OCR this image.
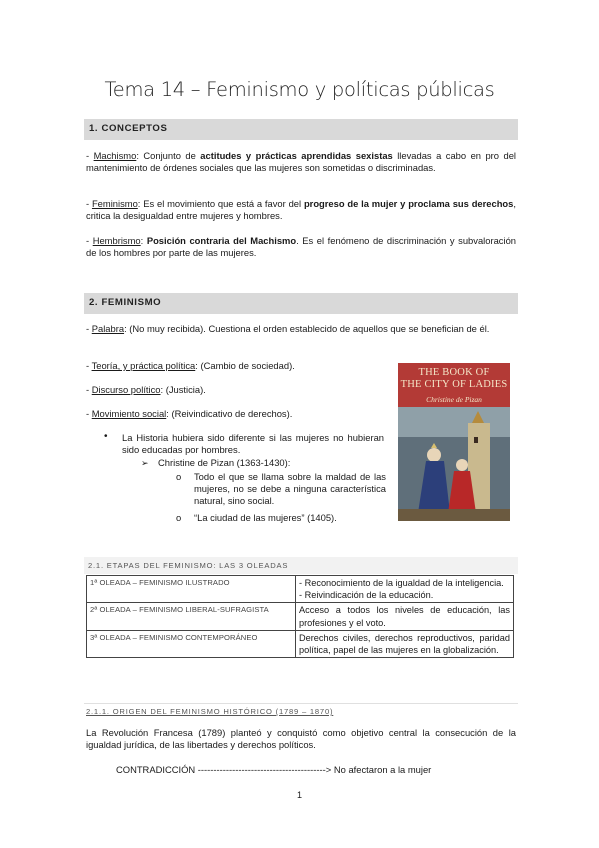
Tema 14 – Feminismo y políticas públicas
1. CONCEPTOS
- Machismo: Conjunto de actitudes y prácticas aprendidas sexistas llevadas a cabo en pro del mantenimiento de órdenes sociales que las mujeres son sometidas o discriminadas.
- Feminismo: Es el movimiento que está a favor del progreso de la mujer y proclama sus derechos, critica la desigualdad entre mujeres y hombres.
- Hembrismo: Posición contraria del Machismo. Es el fenómeno de discriminación y subvaloración de los hombres por parte de las mujeres.
2. FEMINISMO
- Palabra: (No muy recibida). Cuestiona el orden establecido de aquellos que se benefician de él.
- Teoría, y práctica política: (Cambio de sociedad).
- Discurso político: (Justicia).
- Movimiento social: (Reivindicativo de derechos).
• La Historia hubiera sido diferente si las mujeres no hubieran sido educadas por hombres.
➢ Christine de Pizan (1363-1430):
o Todo el que se llama sobre la maldad de las mujeres, no se debe a ninguna característica natural, sino social.
o “La ciudad de las mujeres” (1405).
THE BOOK OF
THE CITY OF LADIES
Christine de Pizan
2.1. ETAPAS DEL FEMINISMO: LAS 3 OLEADAS
1ª OLEADA – FEMINISMO ILUSTRADO	- Reconocimiento de la igualdad de la inteligencia.
- Reivindicación de la educación.

2ª OLEADA – FEMINISMO LIBERAL-SUFRAGISTA	Acceso a todos los niveles de educación, las profesiones y el voto.
3ª OLEADA – FEMINISMO CONTEMPORÁNEO	Derechos civiles, derechos reproductivos, paridad política, papel de las mujeres en la globalización.
2.1.1. ORIGEN DEL FEMINISMO HISTÓRICO (1789 – 1870)
La Revolución Francesa (1789) planteó y conquistó como objetivo central la consecución de la igualdad jurídica, de las libertades y derechos políticos.
CONTRADICCIÓN -----------------------------------------> No afectaron a la mujer
1
